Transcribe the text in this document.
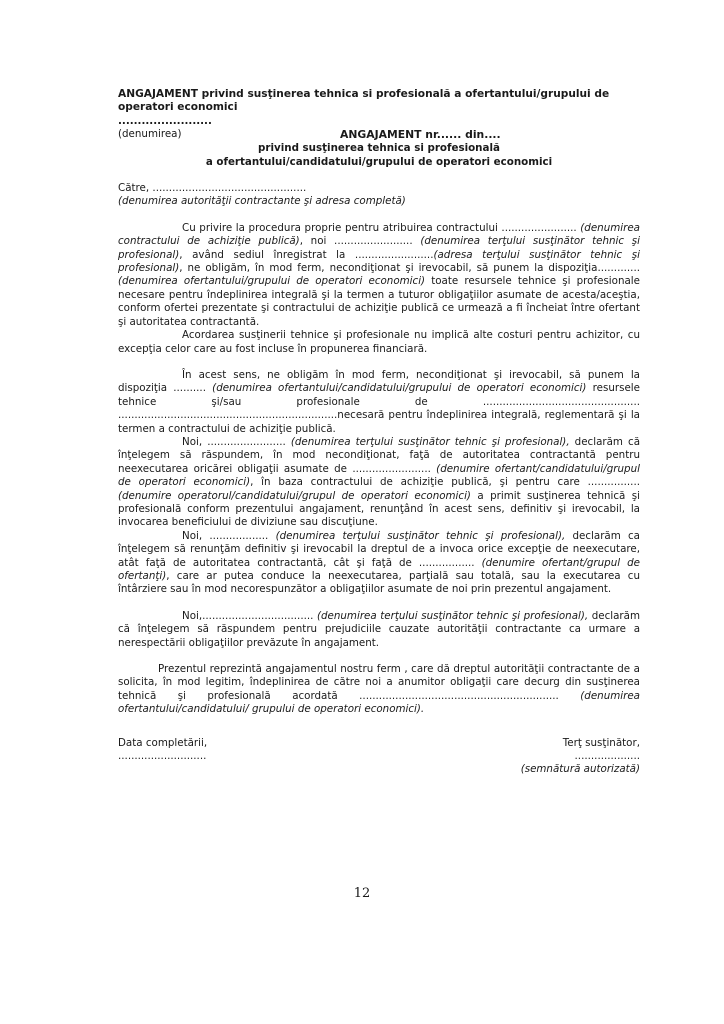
ANGAJAMENT privind susţinerea tehnica si profesională a ofertantului/grupului de operatori economici

........................

(denumirea)	ANGAJAMENT nr...... din....

privind susţinerea tehnica si profesională

a ofertantului/candidatului/grupului de operatori economici

Către, ...............................................

(denumirea autorităţii contractante şi adresa completă)

Cu privire la procedura proprie pentru atribuirea contractului ....................... (denumirea contractului de achiziţie publică), noi ........................ (denumirea terţului susţinător tehnic şi profesional), având sediul înregistrat la ........................(adresa terţului susţinător tehnic şi profesional), ne obligăm, în mod ferm, necondiţionat şi irevocabil, să punem la dispoziţia............. (denumirea ofertantului/grupului de operatori economici) toate resursele tehnice şi profesionale necesare pentru îndeplinirea integrală şi la termen a tuturor obligaţiilor asumate de acesta/aceştia, conform ofertei prezentate şi contractului de achiziţie publică ce urmează a fi încheiat între ofertant şi autoritatea contractantă.

Acordarea susţinerii tehnice şi profesionale nu implică alte costuri pentru achizitor, cu excepţia celor care au fost incluse în propunerea financiară.

În acest sens, ne obligăm în mod ferm, necondiţionat şi irevocabil, să punem la dispoziţia .......... (denumirea ofertantului/candidatului/grupului de operatori economici) resursele tehnice şi/sau profesionale de ................................................ ...................................................................necesară pentru îndeplinirea integrală, reglementară şi la termen a contractului de achiziţie publică.

Noi, ........................ (denumirea terţului susţinător tehnic şi profesional), declarăm că înţelegem să răspundem, în mod necondiţionat, faţă de autoritatea contractantă pentru neexecutarea oricărei obligaţii asumate de ........................ (denumire ofertant/candidatului/grupul de operatori economici), în baza contractului de achiziţie publică, şi pentru care ................ (denumire operatorul/candidatului/grupul de operatori economici) a primit susţinerea tehnică şi profesională conform prezentului angajament, renunţând în acest sens, definitiv şi irevocabil, la invocarea beneficiului de diviziune sau discuţiune.

Noi, .................. (denumirea terţului susţinător tehnic şi profesional), declarăm ca înţelegem să renunţăm definitiv şi irevocabil la dreptul de a invoca orice excepţie de neexecutare, atât faţă de autoritatea contractantă, cât şi faţă de ................. (denumire ofertant/grupul de ofertanţi), care ar putea conduce la neexecutarea, parţială sau totală, sau la executarea cu întârziere sau în mod necorespunzător a obligaţiilor asumate de noi prin prezentul angajament.

Noi,.................................. (denumirea terţului susţinător tehnic şi profesional), declarăm că înţelegem să răspundem pentru prejudiciile cauzate autorităţii contractante ca urmare a nerespectării obligaţiilor prevăzute în angajament.

Prezentul reprezintă angajamentul nostru ferm , care dă dreptul autorităţii contractante de a solicita, în mod legitim, îndeplinirea de către noi a anumitor obligaţii care decurg din susţinerea tehnică şi profesională acordată ............................................................. (denumirea ofertantului/candidatului/ grupului de operatori economici).

Data completării,

...........................

Terţ susţinător,

....................

(semnătură autorizată)

12
